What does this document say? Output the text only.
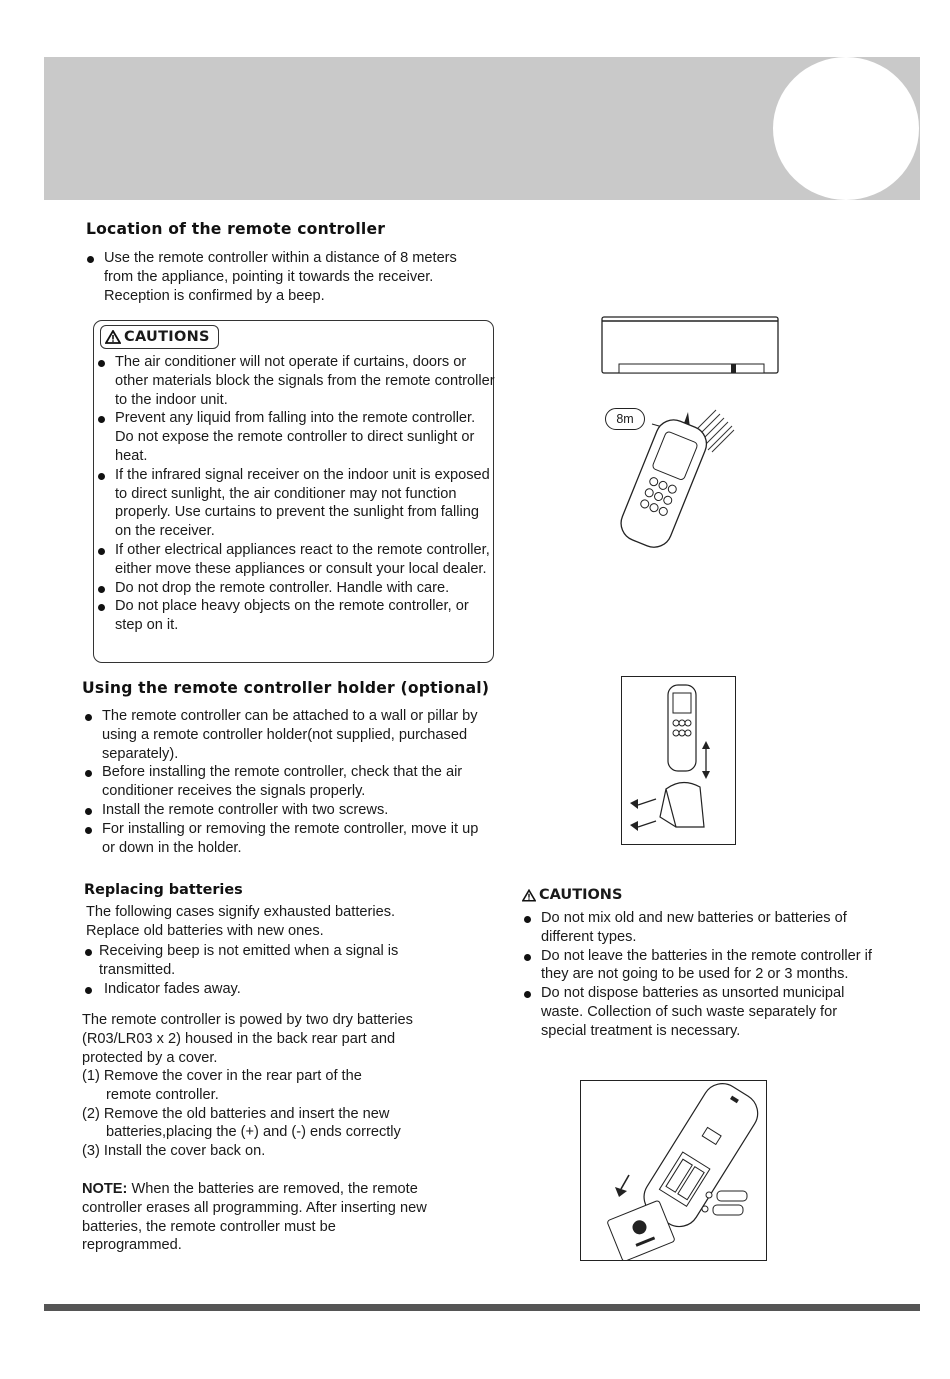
Location of the remote controller
Use the remote controller within a distance of 8 meters from the appliance, pointing it towards the receiver. Reception is confirmed by a beep.
CAUTIONS
The air conditioner will not operate if curtains, doors or other materials block the signals from the remote controller to the indoor unit.
Prevent any liquid from falling into the remote controller. Do not expose the remote controller to direct sunlight or heat.
If the infrared signal receiver on the indoor unit is exposed to direct sunlight, the air conditioner may not function properly. Use curtains to prevent the sunlight from falling on the receiver.
If other electrical appliances react to the remote controller, either move these appliances or consult your local dealer.
Do not drop the remote controller. Handle with care.
Do not place heavy objects on the remote controller, or step on it.
8m
Using the remote controller holder (optional)
The remote controller can be attached to a wall or pillar by using a remote controller holder(not supplied, purchased separately).
Before installing the remote controller, check that the air conditioner receives the signals properly.
Install the remote controller with two screws.
For installing or removing the remote controller, move it up or down in the holder.
Replacing batteries
The following cases signify exhausted batteries.
Replace old batteries with new ones.
Receiving beep is not emitted when a signal is transmitted.
Indicator fades away.
The remote controller is powed by two dry batteries (R03/LR03 x 2) housed in the back rear part and protected by a cover.

(1) Remove the cover in the rear part of the

remote controller.

(2) Remove the old batteries and insert the new

batteries,placing the (+) and (-) ends correctly

(3) Install the cover back on.

NOTE: When the batteries are removed, the remote controller erases all programming. After inserting new batteries, the remote controller must be reprogrammed.
CAUTIONS
Do not mix old and new batteries or batteries of different types.
Do not leave the batteries in the remote controller if they are not going to be used for 2 or 3 months.
Do not dispose batteries as unsorted municipal waste. Collection of such waste separately for special treatment is necessary.
